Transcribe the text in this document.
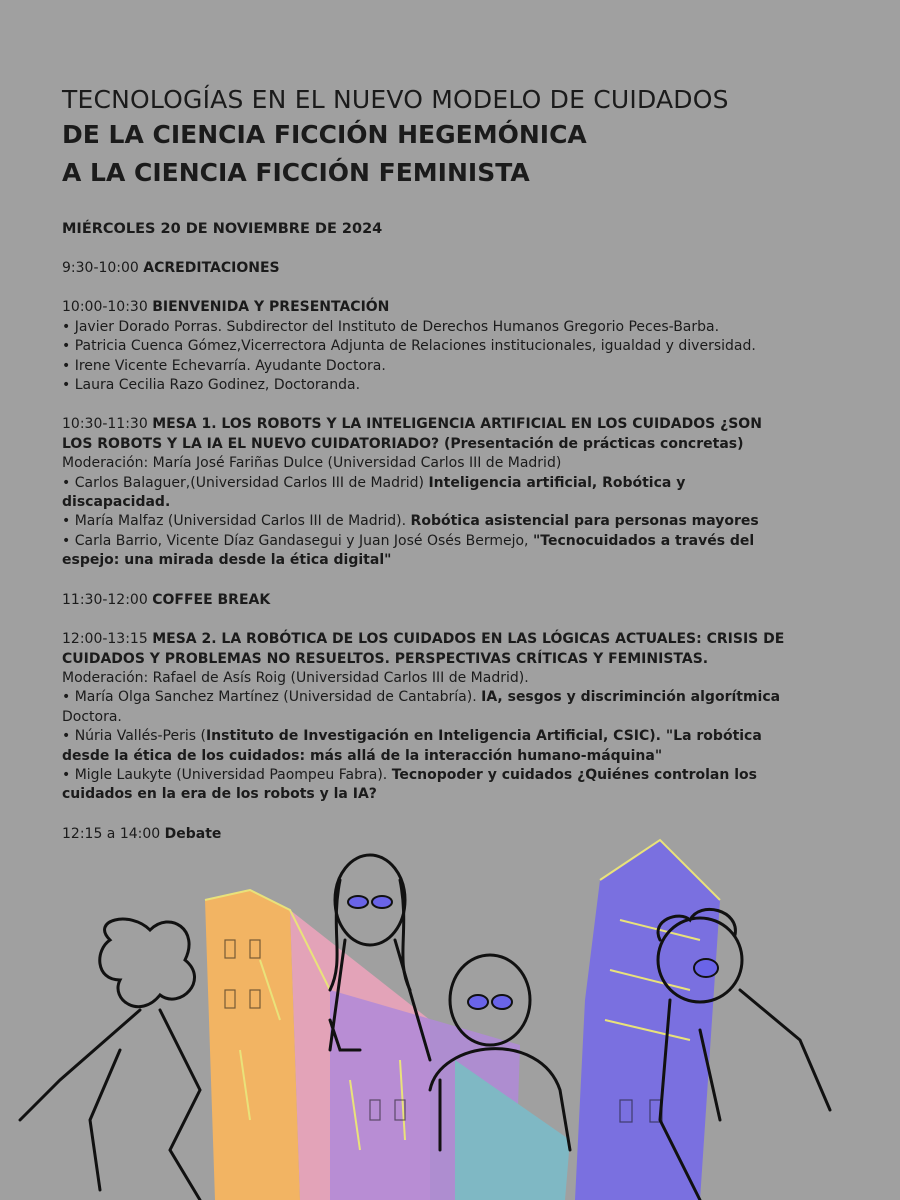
TECNOLOGÍAS EN EL NUEVO MODELO DE CUIDADOS
DE LA CIENCIA FICCIÓN HEGEMÓNICA
A LA CIENCIA FICCIÓN FEMINISTA
MIÉRCOLES 20 DE NOVIEMBRE DE 2024

9:30-10:00 ACREDITACIONES

10:00-10:30 BIENVENIDA Y PRESENTACIÓN

• Javier Dorado Porras. Subdirector del Instituto de Derechos Humanos Gregorio Peces-Barba.

• Patricia Cuenca Gómez,Vicerrectora Adjunta de Relaciones institucionales, igualdad y diversidad.

• Irene Vicente Echevarría. Ayudante Doctora.

• Laura Cecilia Razo Godinez, Doctoranda.

10:30-11:30 MESA 1. LOS ROBOTS Y LA INTELIGENCIA ARTIFICIAL EN LOS CUIDADOS ¿SON

LOS ROBOTS Y LA IA EL NUEVO CUIDATORIADO? (Presentación de prácticas concretas)

Moderación: María José Fariñas Dulce (Universidad Carlos III de Madrid)

• Carlos Balaguer,(Universidad Carlos III de Madrid) Inteligencia artificial, Robótica y

discapacidad.

• María Malfaz (Universidad Carlos III de Madrid). Robótica asistencial para personas mayores

• Carla Barrio, Vicente Díaz Gandasegui y Juan José Osés Bermejo, "Tecnocuidados a través del

espejo: una mirada desde la ética digital"

11:30-12:00 COFFEE BREAK

12:00-13:15 MESA 2. LA ROBÓTICA DE LOS CUIDADOS EN LAS LÓGICAS ACTUALES: CRISIS DE

CUIDADOS Y PROBLEMAS NO RESUELTOS. PERSPECTIVAS CRÍTICAS Y FEMINISTAS.

Moderación: Rafael de Asís Roig (Universidad Carlos III de Madrid).

• María Olga Sanchez Martínez (Universidad de Cantabría). IA, sesgos y discriminción algorítmica

Doctora.

• Núria Vallés-Peris (Instituto de Investigación en Inteligencia Artificial, CSIC). "La robótica

desde la ética de los cuidados: más allá de la interacción humano-máquina"

• Migle Laukyte (Universidad Paompeu Fabra). Tecnopoder y cuidados ¿Quiénes controlan los

cuidados en la era de los robots y la IA?

12:15 a 14:00 Debate
